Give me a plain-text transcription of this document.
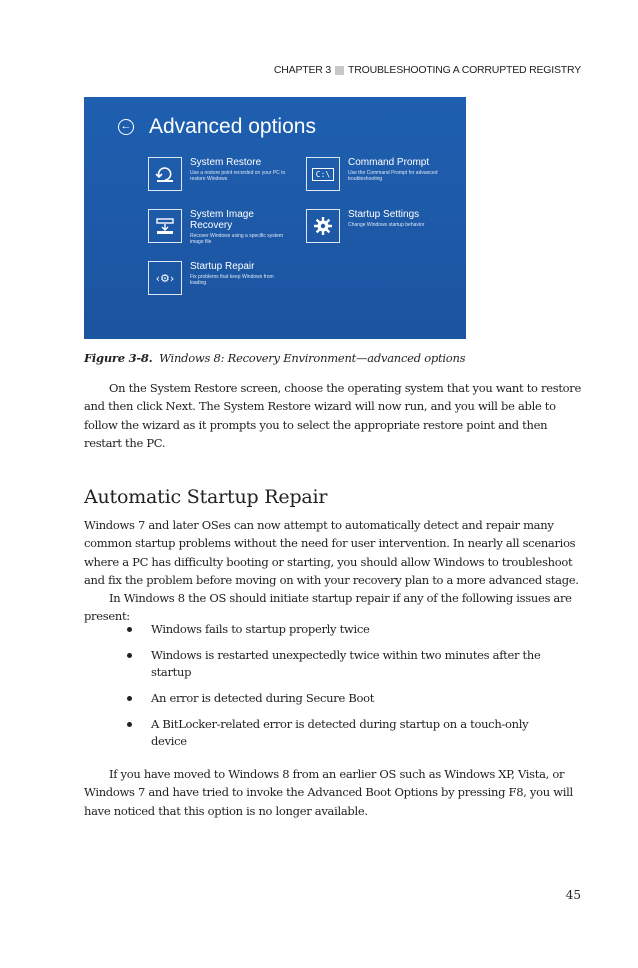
CHAPTER 3 TROUBLESHOOTING A CORRUPTED REGISTRY
← Advanced options
System Restore
Use a restore point recorded on your PC to restore Windows
C:\
Command Prompt
Use the Command Prompt for advanced troubleshooting
System Image Recovery
Recover Windows using a specific system image file
Startup Settings
Change Windows startup behavior
‹⚙›
Startup Repair
Fix problems that keep Windows from loading
Figure 3-8. Windows 8: Recovery Environment—advanced options

On the System Restore screen, choose the operating system that you want to restore and then click Next. The System Restore wizard will now run, and you will be able to follow the wizard as it prompts you to select the appropriate restore point and then restart the PC.

Automatic Startup Repair

Windows 7 and later OSes can now attempt to automatically detect and repair many common startup problems without the need for user intervention. In nearly all scenarios where a PC has difficulty booting or starting, you should allow Windows to troubleshoot and fix the problem before moving on with your recovery plan to a more advanced stage.

In Windows 8 the OS should initiate startup repair if any of the following issues are present:

Windows fails to startup properly twice
Windows is restarted unexpectedly twice within two minutes after the startup
An error is detected during Secure Boot
A BitLocker-related error is detected during startup on a touch-only device

If you have moved to Windows 8 from an earlier OS such as Windows XP, Vista, or Windows 7 and have tried to invoke the Advanced Boot Options by pressing F8, you will have noticed that this option is no longer available.

45
